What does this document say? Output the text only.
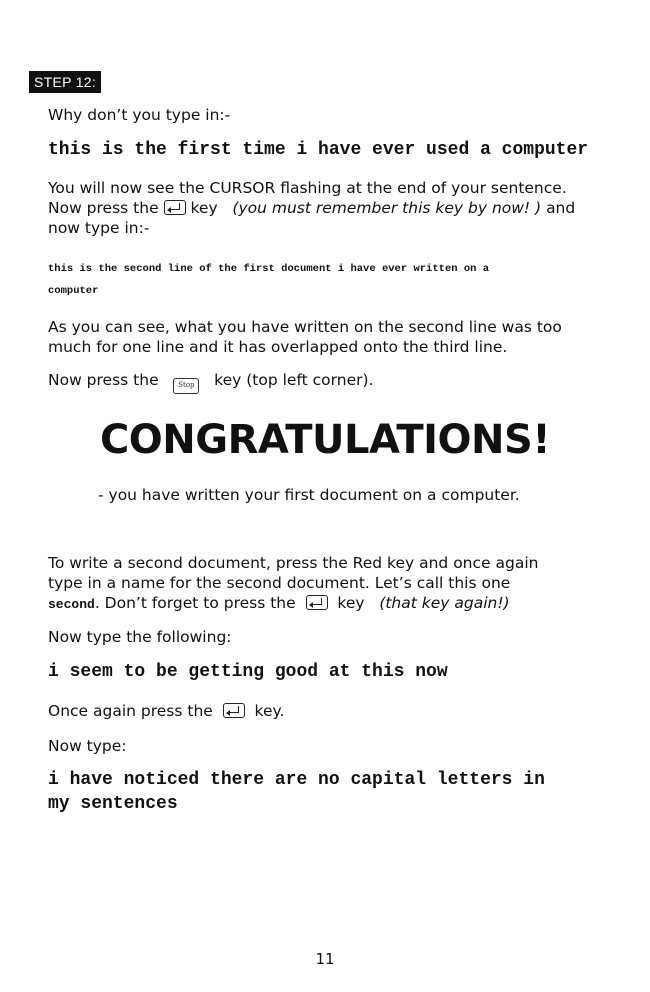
STEP 12:
Why don’t you type in:-
this is the first time i have ever used a computer
You will now see the CURSOR flashing at the end of your sentence.
Now press the key (you must remember this key by now! ) and
now type in:-
this is the second line of the first document i have ever written on a
computer
As you can see, what you have written on the second line was too
much for one line and it has overlapped onto the third line.
Now press the	Stop key (top left corner).
CONGRATULATIONS!
- you have written your first document on a computer.
To write a second document, press the Red key and once again
type in a name for the second document. Let’s call this one
second. Don’t forget to press the	key (that key again!)
Now type the following:
i seem to be getting good at this now
Once again press the	key.
Now type:
i have noticed there are no capital letters in
my sentences
11
